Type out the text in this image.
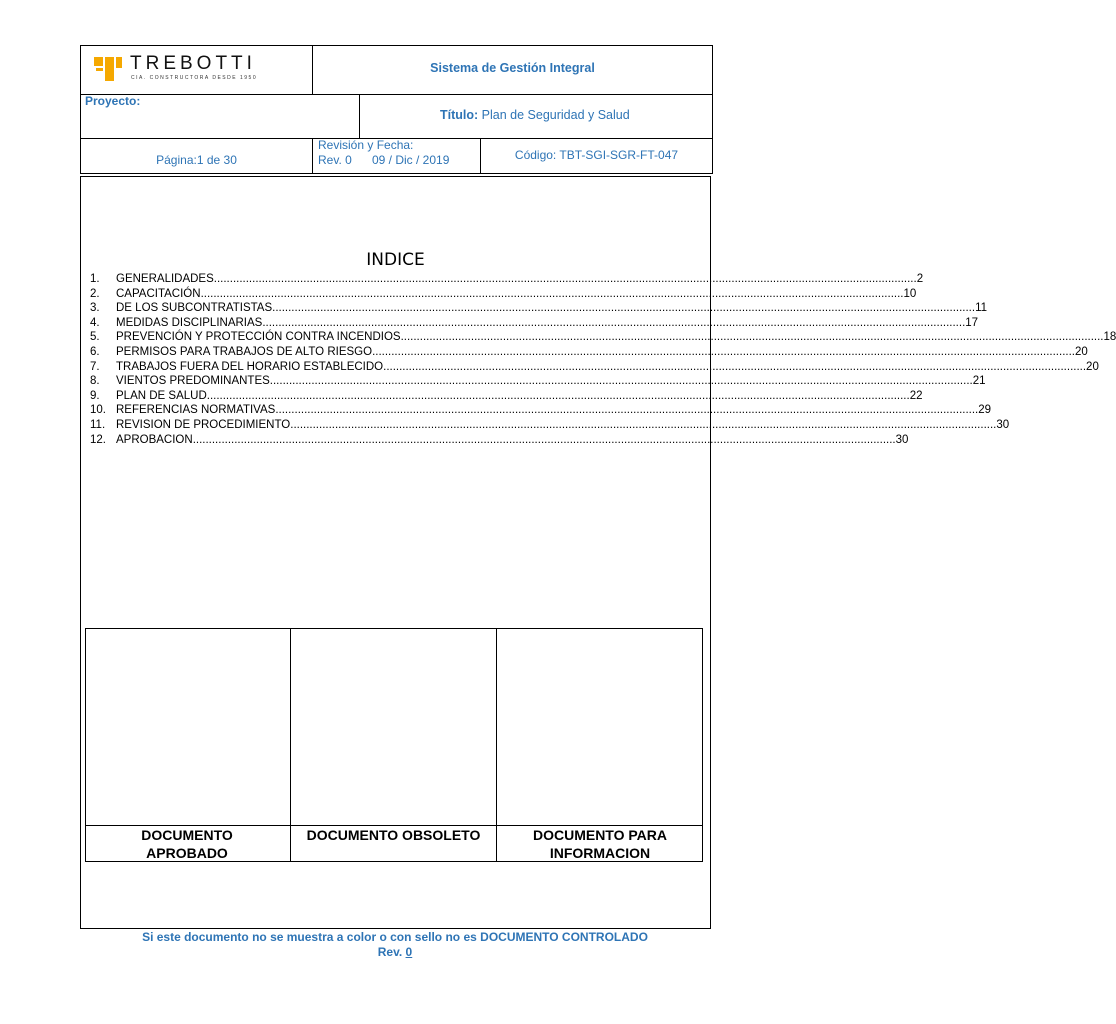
TREBOTTI
CIA. CONSTRUCTORA DESDE 1950
Sistema de Gestión Integral
Proyecto:
Título: Plan de Seguridad y Salud
Página:1 de 30
Revisión y Fecha:
Rev. 0 09 / Dic / 2019	Código: TBT-SGI-SGR-FT-047
INDICE
1.	GENERALIDADES ............................................................................................................................................................................................................................ 2
2.	CAPACITACIÓN ............................................................................................................................................................................................................................ 10
3.	DE LOS SUBCONTRATISTAS ............................................................................................................................................................................................................................ 11
4.	MEDIDAS DISCIPLINARIAS ............................................................................................................................................................................................................................ 17
5.	PREVENCIÓN Y PROTECCIÓN CONTRA INCENDIOS ............................................................................................................................................................................................................................ 18
6.	PERMISOS PARA TRABAJOS DE ALTO RIESGO ............................................................................................................................................................................................................................ 20
7.	TRABAJOS FUERA DEL HORARIO ESTABLECIDO ............................................................................................................................................................................................................................ 20
8.	VIENTOS PREDOMINANTES ............................................................................................................................................................................................................................ 21
9.	PLAN DE SALUD ............................................................................................................................................................................................................................ 22
10. REFERENCIAS NORMATIVAS ............................................................................................................................................................................................................................ 29
11. REVISION DE PROCEDIMIENTO. ............................................................................................................................................................................................................................ 30
12. APROBACION ............................................................................................................................................................................................................................ 30
DOCUMENTO APROBADO
DOCUMENTO OBSOLETO	DOCUMENTO PARA INFORMACION
Si este documento no se muestra a color o con sello no es DOCUMENTO CONTROLADO
Rev. 0
